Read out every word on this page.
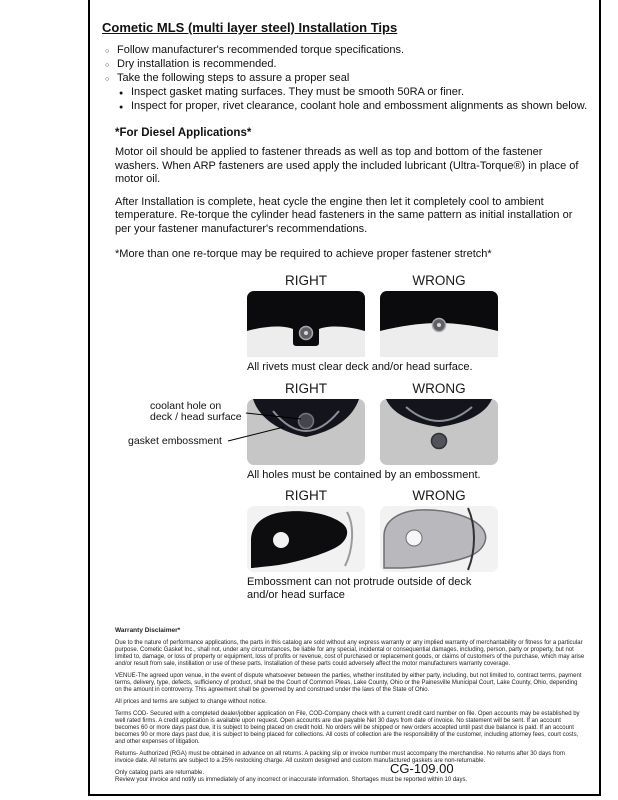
Cometic MLS (multi layer steel) Installation Tips
○ Follow manufacturer's recommended torque specifications.
○ Dry installation is recommended.
○ Take the following steps to assure a proper seal
● Inspect gasket mating surfaces. They must be smooth 50RA or finer.
● Inspect for proper, rivet clearance, coolant hole and embossment alignments as shown below.
*For Diesel Applications*

Motor oil should be applied to fastener threads as well as top and bottom of the fastener washers. When ARP fasteners are used apply the included lubricant (Ultra-Torque®) in place of motor oil.

After Installation is complete, heat cycle the engine then let it completely cool to ambient temperature. Re-torque the cylinder head fasteners in the same pattern as initial installation or per your fastener manufacturer's recommendations.

*More than one re-torque may be required to achieve proper fastener stretch*

RIGHT	WRONG
All rivets must clear deck and/or head surface.
RIGHT	WRONG
coolant hole on deck / head surface
gasket embossment
All holes must be contained by an embossment.
RIGHT	WRONG
Embossment can not protrude outside of deck and/or head surface
Warranty Disclaimer*

Due to the nature of performance applications, the parts in this catalog are sold without any express warranty or any implied warranty of merchantability or fitness for a particular purpose. Cometic Gasket Inc., shall not, under any circumstances, be liable for any special, incidental or consequential damages, including, person, party or property, but not limited to, damage, or loss of property or equipment, loss of profits or revenue, cost of purchased or replacement goods, or claims of customers of the purchase, which may arise and/or result from sale, instillation or use of these parts. Installation of these parts could adversely affect the motor manufacturers warranty coverage.

VENUE-The agreed upon venue, in the event of dispute whatsoever between the parties, whether instituted by either party, including, but not limited to, contract terms, payment terms, delivery, type, defects, sufficiency of product, shall be the Court of Common Pleas, Lake County, Ohio or the Painesville Municipal Court, Lake County, Ohio, depending on the amount in controversy. This agreement shall be governed by and construed under the laws of the State of Ohio.

All prices and terms are subject to change without notice.

Terms COD- Secured with a completed dealer/jobber application on File, COD-Company check with a current credit card number on file. Open accounts may be established by well rated firms. A credit application is available upon request. Open accounts are due payable Net 30 days from date of invoice. No statement will be sent. If an account becomes 60 or more days past due, it is subject to being placed on credit hold. No orders will be shipped or new orders accepted until past due balance is paid. If an account becomes 90 or more days past due, it is subject to being placed for collections. All costs of collection are the responsibility of the customer, including attorney fees, court costs, and other expenses of litigation.

Returns- Authorized (RGA) must be obtained in advance on all returns. A packing slip or invoice number must accompany the merchandise. No returns after 30 days from invoice date. All returns are subject to a 25% restocking charge. All custom designed and custom manufactured gaskets are non-returnable.

Only catalog parts are returnable.

Review your invoice and notify us immediately of any incorrect or inaccurate information. Shortages must be reported within 10 days.

CG-109.00
